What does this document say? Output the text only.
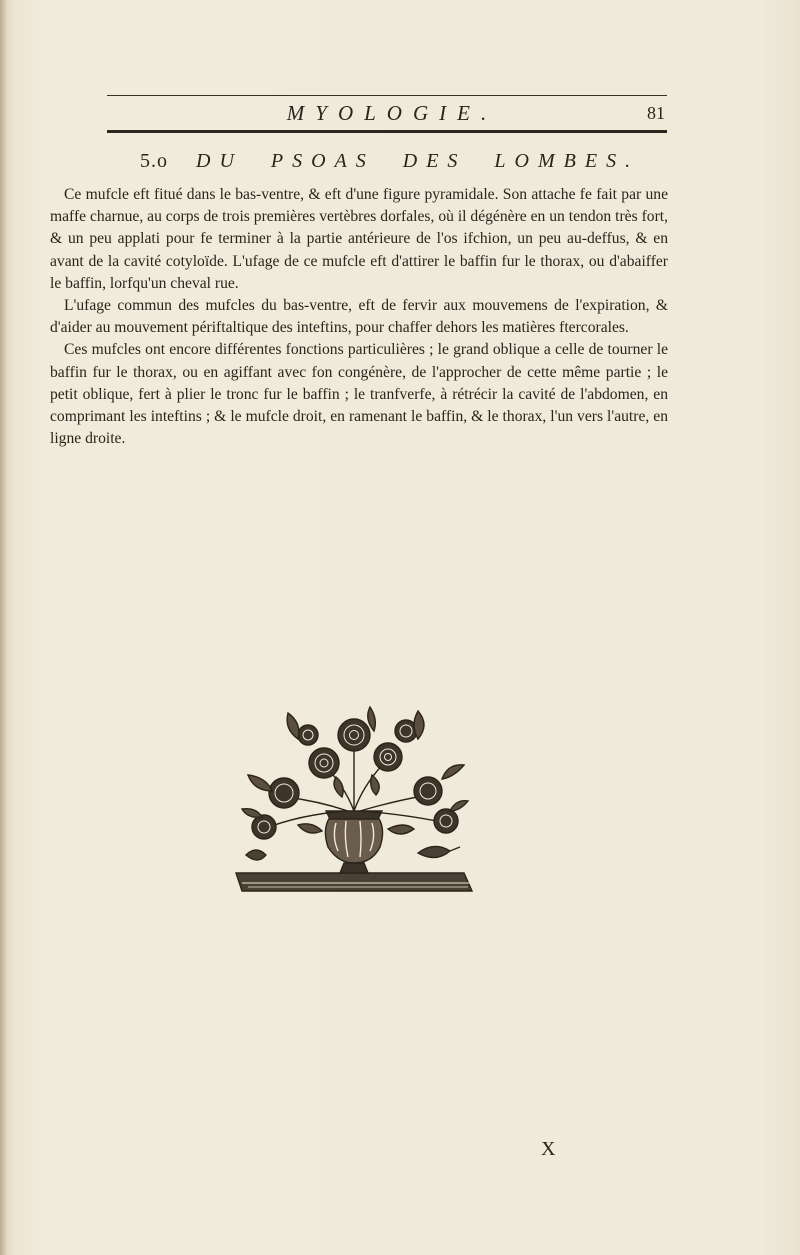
MYOLOGIE.	81
5.o DU PSOAS DES LOMBES.

Ce mufcle eft fitué dans le bas-ventre, & eft d'une figure pyramidale. Son attache fe fait par une maffe charnue, au corps de trois premières vertèbres dorfales, où il dégénère en un tendon très fort, & un peu applati pour fe terminer à la partie antérieure de l'os ifchion, un peu au-deffus, & en avant de la cavité cotyloïde. L'ufage de ce mufcle eft d'attirer le baffin fur le thorax, ou d'abaiffer le baffin, lorfqu'un cheval rue.

L'ufage commun des mufcles du bas-ventre, eft de fervir aux mouvemens de l'expiration, & d'aider au mouvement périftaltique des inteftins, pour chaffer dehors les matières ftercorales.

Ces mufcles ont encore différentes fonctions particulières ; le grand oblique a celle de tourner le baffin fur le thorax, ou en agiffant avec fon congénère, de l'approcher de cette même partie ; le petit oblique, fert à plier le tronc fur le baffin ; le tranfverfe, à rétrécir la cavité de l'abdomen, en comprimant les inteftins ; & le mufcle droit, en ramenant le baffin, & le thorax, l'un vers l'autre, en ligne droite.

X
